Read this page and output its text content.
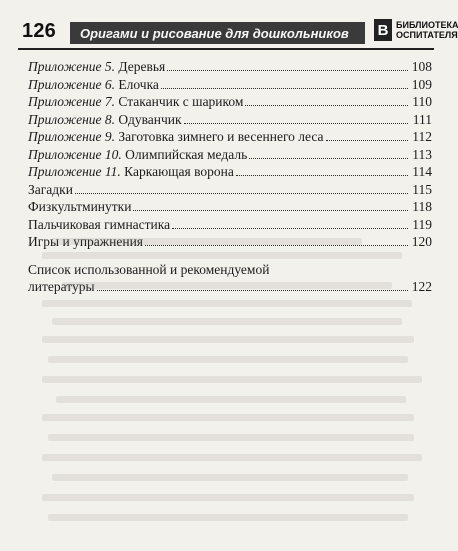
126 Оригами и рисование для дошкольников В БИБЛИОТЕКА
ОСПИТАТЕЛЯ
Приложение 5. Деревья	108
Приложение 6. Елочка	109
Приложение 7. Стаканчик с шариком	110
Приложение 8. Одуванчик	111
Приложение 9. Заготовка зимнего и весеннего леса	112
Приложение 10. Олимпийская медаль	113
Приложение 11. Каркающая ворона	114
Загадки	115
Физкультминутки	118
Пальчиковая гимнастика	119
Игры и упражнения	120
Список использованной и рекомендуемой
литературы	122
